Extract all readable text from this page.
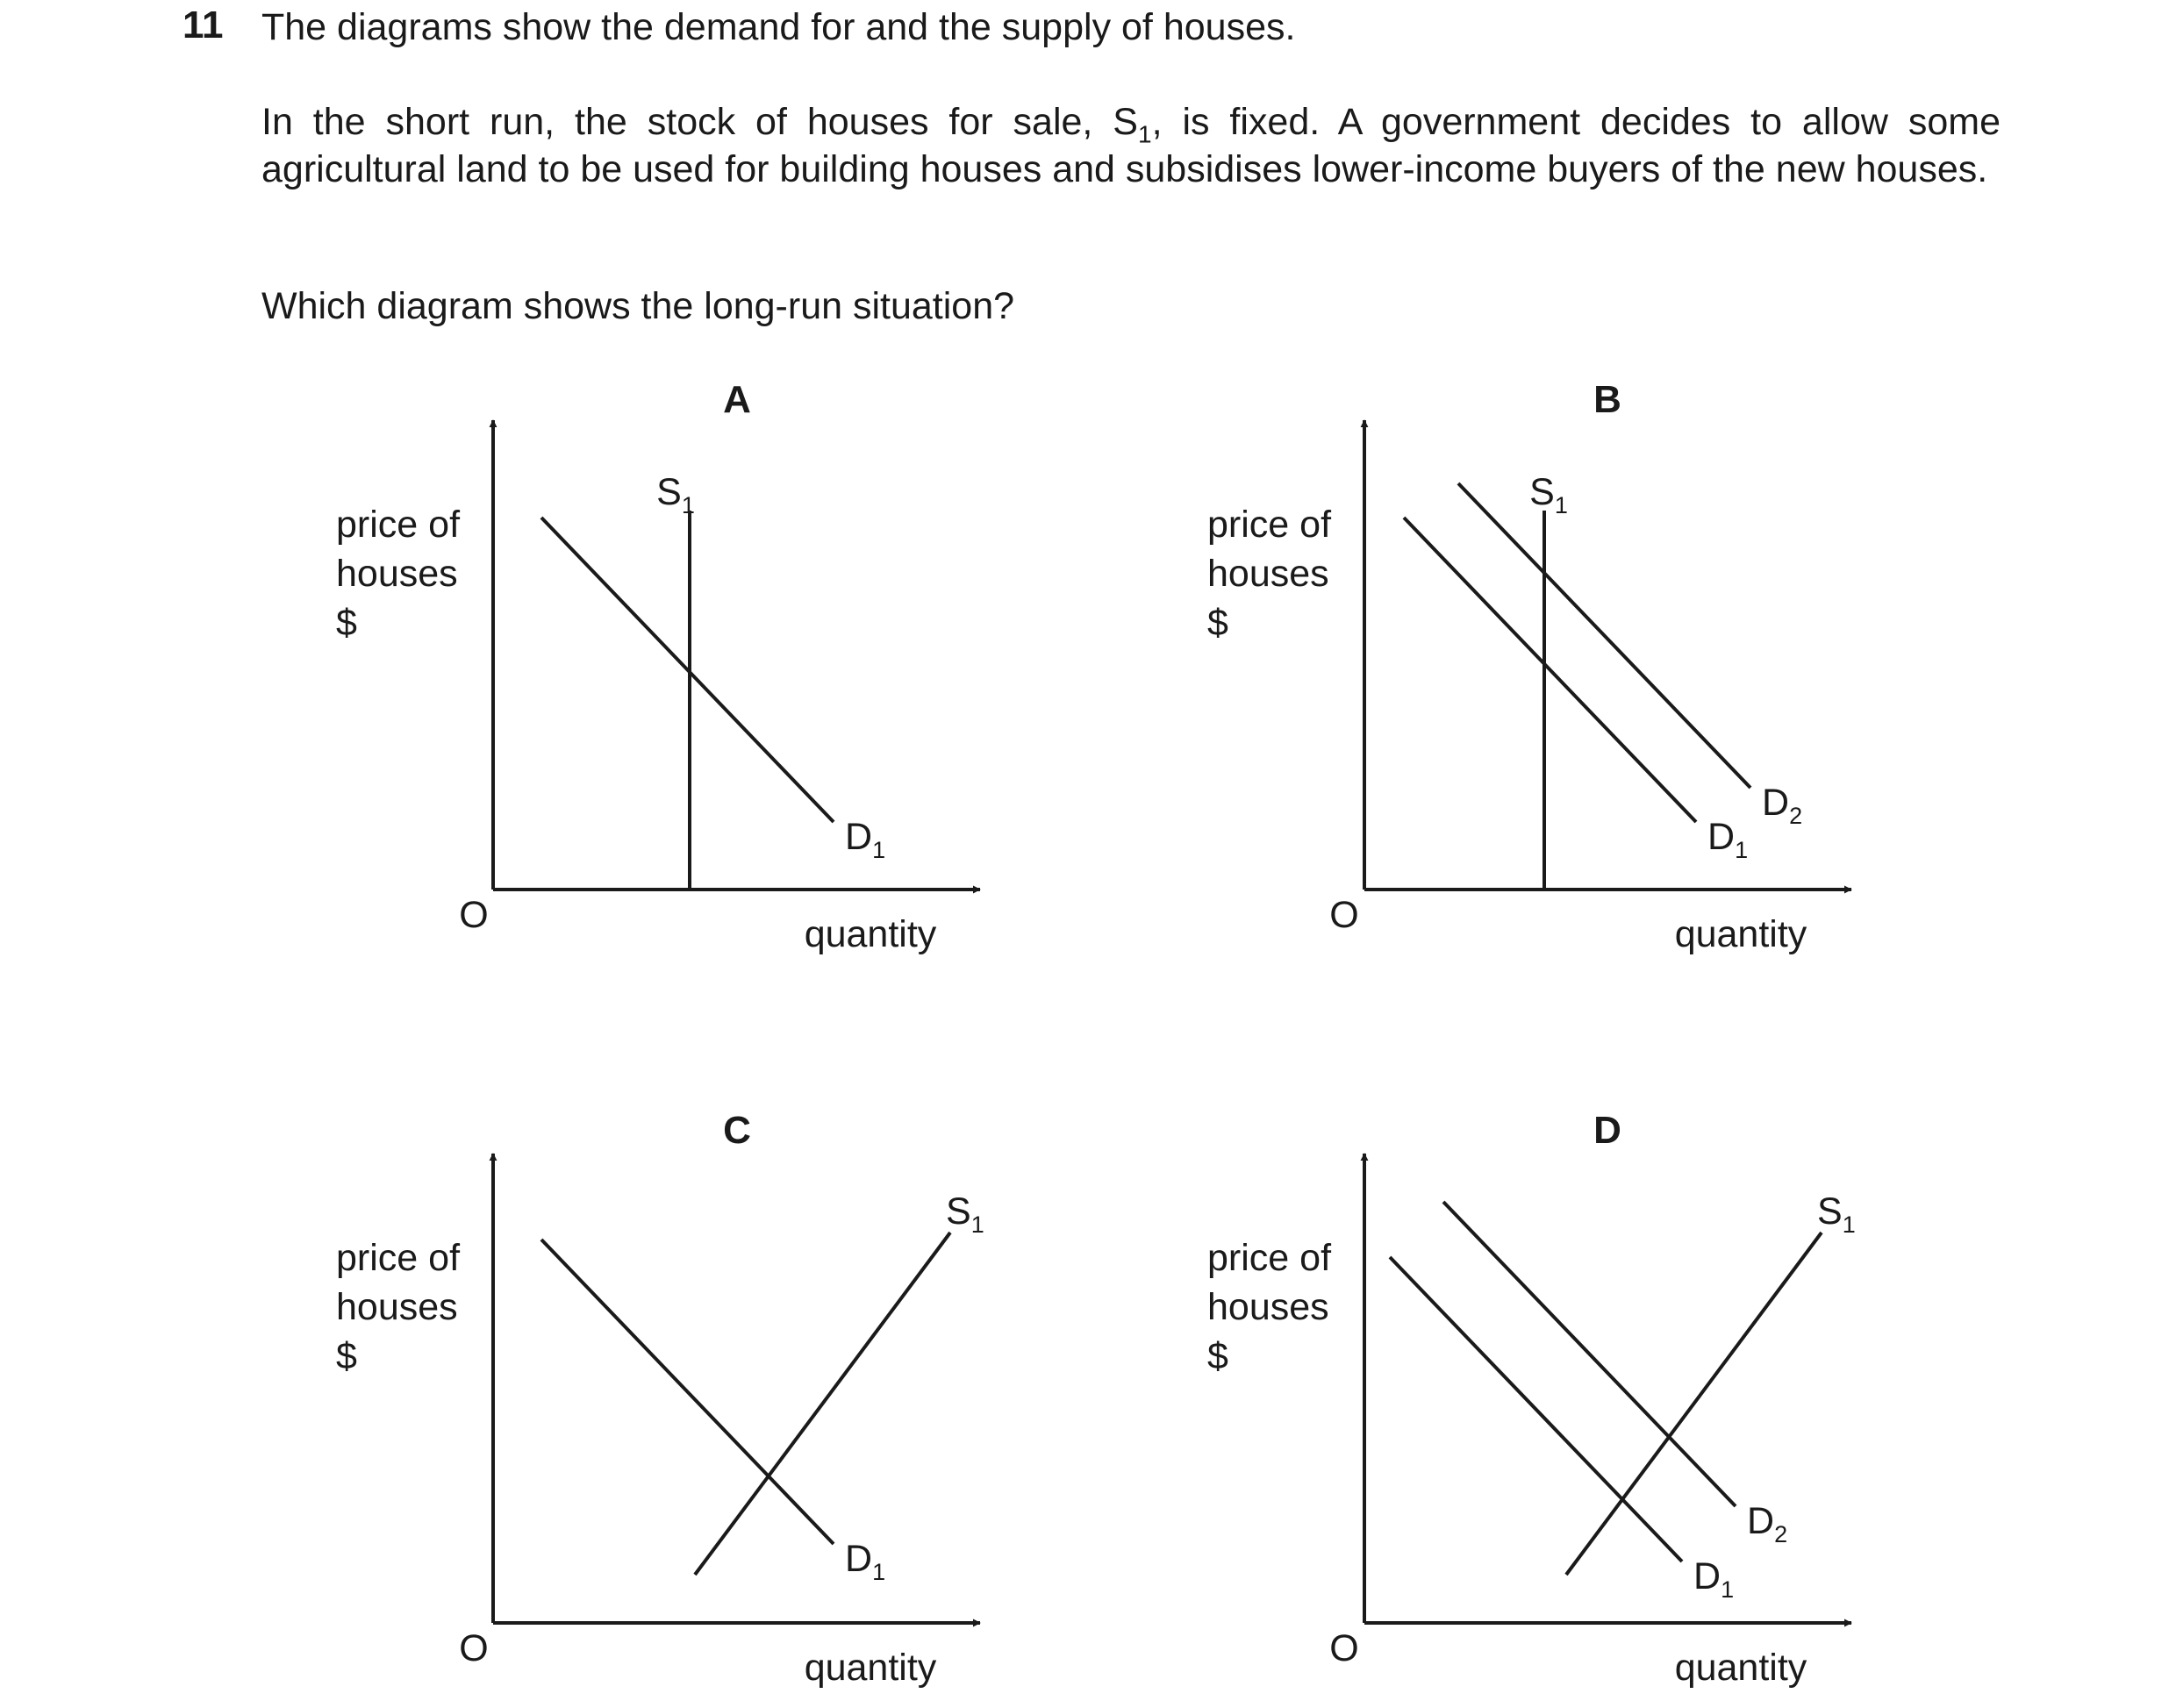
11 The diagrams show the demand for and the supply of houses.

In the short run, the stock of houses for sale, $S_1$, is fixed. A government decides to allow some agricultural land to be used for building houses and subsidises lower-income buyers of the new houses.

Which diagram shows the long-run situation?

A
O	quantity
price of houses $
$S_1$
$D_1$
B
O	quantity
price of houses $
$S_1$
$D_1$
$D_2$
C
O	quantity
price of houses $
$D_1$
$S_1$
D
O	quantity
price of houses $
$D_1$
$D_2$
$S_1$
